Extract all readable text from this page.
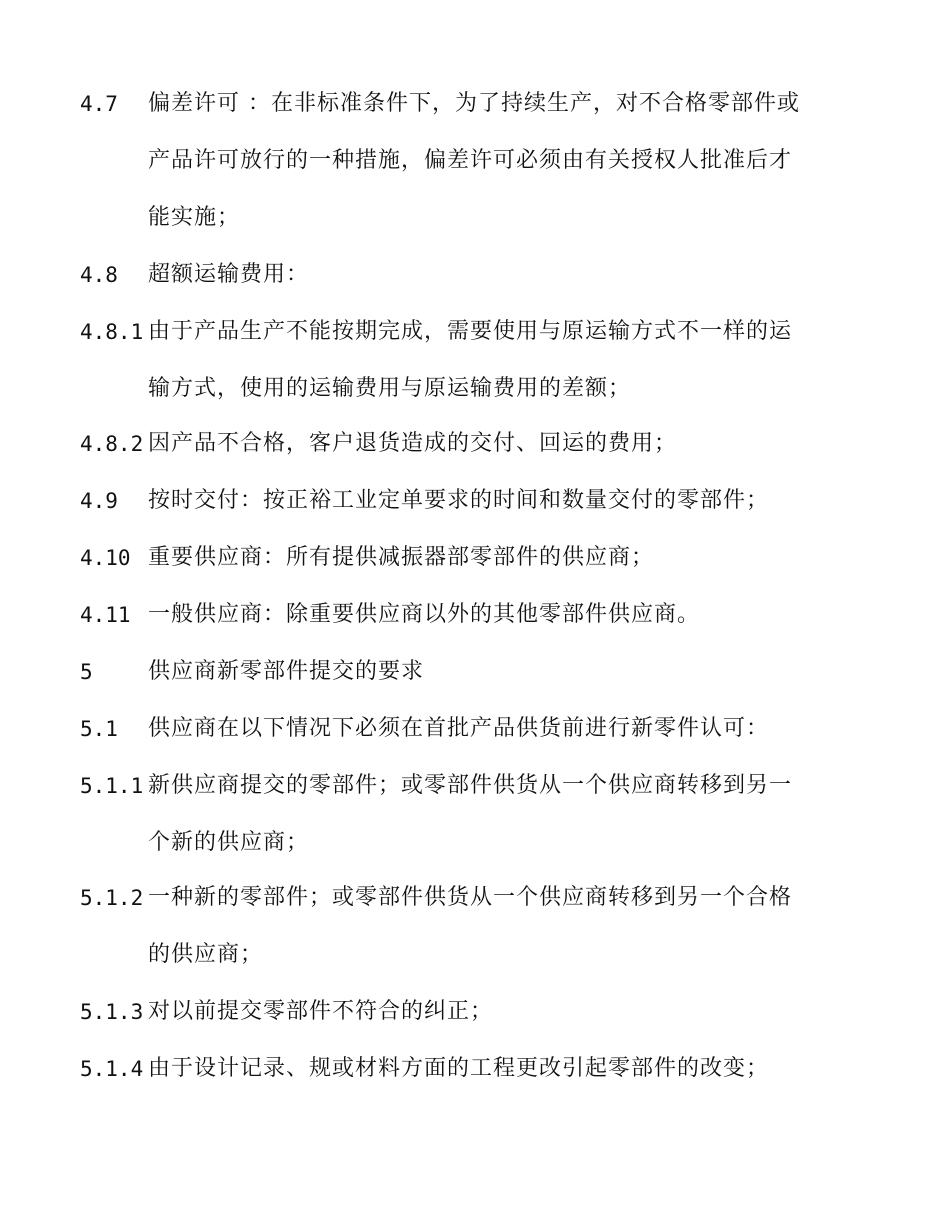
4.7 偏差许可 ：在非标准条件下，为了持续生产，对不合格零部件或
产品许可放行的一种措施，偏差许可必须由有关授权人批准后才
能实施；
4.8 超额运输费用：
4.8.1 由于产品生产不能按期完成，需要使用与原运输方式不一样的运
输方式，使用的运输费用与原运输费用的差额；
4.8.2 因产品不合格，客户退货造成的交付、回运的费用；
4.9 按时交付：按正裕工业定单要求的时间和数量交付的零部件；
4.10 重要供应商：所有提供减振器部零部件的供应商；
4.11 一般供应商：除重要供应商以外的其他零部件供应商。
5	供应商新零部件提交的要求
5.1 供应商在以下情况下必须在首批产品供货前进行新零件认可：
5.1.1 新供应商提交的零部件；或零部件供货从一个供应商转移到另一
个新的供应商；
5.1.2 一种新的零部件；或零部件供货从一个供应商转移到另一个合格
的供应商；
5.1.3 对以前提交零部件不符合的纠正；
5.1.4 由于设计记录、规或材料方面的工程更改引起零部件的改变；
